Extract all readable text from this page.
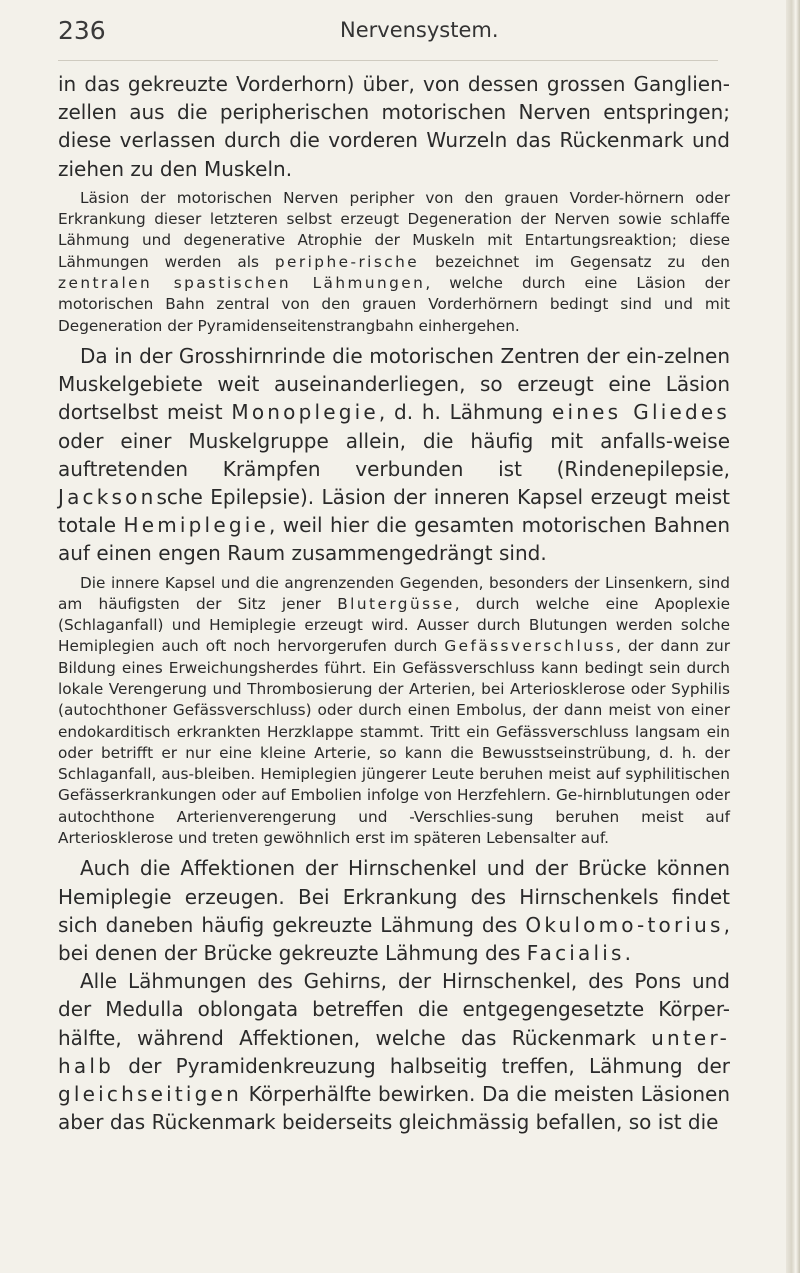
236	Nervensystem.

in das gekreuzte Vorderhorn) über, von dessen grossen Ganglien-zellen aus die peripherischen motorischen Nerven entspringen; diese verlassen durch die vorderen Wurzeln das Rückenmark und ziehen zu den Muskeln.

Läsion der motorischen Nerven peripher von den grauen Vorder-hörnern oder Erkrankung dieser letzteren selbst erzeugt Degeneration der Nerven sowie schlaffe Lähmung und degenerative Atrophie der Muskeln mit Entartungsreaktion; diese Lähmungen werden als periphe-rische bezeichnet im Gegensatz zu den zentralen spastischen Lähmungen, welche durch eine Läsion der motorischen Bahn zentral von den grauen Vorderhörnern bedingt sind und mit Degeneration der Pyramidenseitenstrangbahn einhergehen.

Da in der Grosshirnrinde die motorischen Zentren der ein-zelnen Muskelgebiete weit auseinanderliegen, so erzeugt eine Läsion dortselbst meist Monoplegie, d. h. Lähmung eines Gliedes oder einer Muskelgruppe allein, die häufig mit anfalls-weise auftretenden Krämpfen verbunden ist (Rindenepilepsie, Jacksonsche Epilepsie). Läsion der inneren Kapsel erzeugt meist totale Hemiplegie, weil hier die gesamten motorischen Bahnen auf einen engen Raum zusammengedrängt sind.

Die innere Kapsel und die angrenzenden Gegenden, besonders der Linsenkern, sind am häufigsten der Sitz jener Blutergüsse, durch welche eine Apoplexie (Schlaganfall) und Hemiplegie erzeugt wird. Ausser durch Blutungen werden solche Hemiplegien auch oft noch hervorgerufen durch Gefässverschluss, der dann zur Bildung eines Erweichungsherdes führt. Ein Gefässverschluss kann bedingt sein durch lokale Verengerung und Thrombosierung der Arterien, bei Arteriosklerose oder Syphilis (autochthoner Gefässverschluss) oder durch einen Embolus, der dann meist von einer endokarditisch erkrankten Herzklappe stammt. Tritt ein Gefässverschluss langsam ein oder betrifft er nur eine kleine Arterie, so kann die Bewusstseinstrübung, d. h. der Schlaganfall, aus-bleiben. Hemiplegien jüngerer Leute beruhen meist auf syphilitischen Gefässerkrankungen oder auf Embolien infolge von Herzfehlern. Ge-hirnblutungen oder autochthone Arterienverengerung und -Verschlies-sung beruhen meist auf Arteriosklerose und treten gewöhnlich erst im späteren Lebensalter auf.

Auch die Affektionen der Hirnschenkel und der Brücke können Hemiplegie erzeugen. Bei Erkrankung des Hirnschenkels findet sich daneben häufig gekreuzte Lähmung des Okulomo-torius, bei denen der Brücke gekreuzte Lähmung des Facialis.

Alle Lähmungen des Gehirns, der Hirnschenkel, des Pons und der Medulla oblongata betreffen die entgegengesetzte Körper-hälfte, während Affektionen, welche das Rückenmark unter-halb der Pyramidenkreuzung halbseitig treffen, Lähmung der gleichseitigen Körperhälfte bewirken. Da die meisten Läsionen aber das Rückenmark beiderseits gleichmässig befallen, so ist die
